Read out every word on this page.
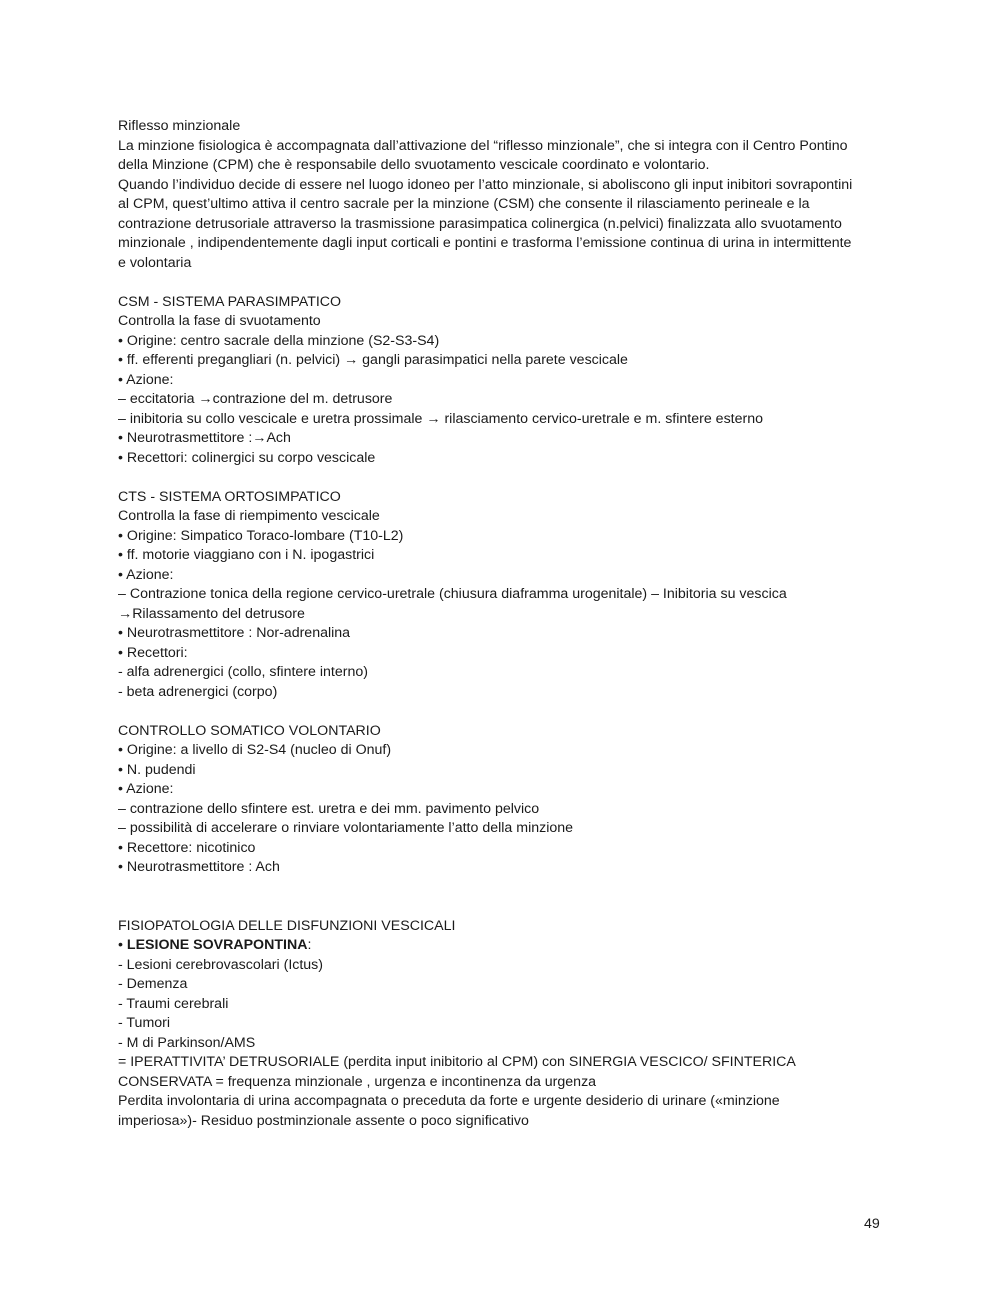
Riflesso minzionale
La minzione fisiologica è accompagnata dall’attivazione del “riflesso minzionale”, che si integra con il Centro Pontino
della Minzione (CPM) che è responsabile dello svuotamento vescicale coordinato e volontario.
Quando l’individuo decide di essere nel luogo idoneo per l’atto minzionale, si aboliscono gli input inibitori sovrapontini
al CPM, quest’ultimo attiva il centro sacrale per la minzione (CSM) che consente il rilasciamento perineale e la
contrazione detrusoriale attraverso la trasmissione parasimpatica colinergica (n.pelvici) finalizzata allo svuotamento
minzionale , indipendentemente dagli input corticali e pontini e trasforma l’emissione continua di urina in intermittente
e volontaria
CSM - SISTEMA PARASIMPATICO
Controlla la fase di svuotamento
• Origine: centro sacrale della minzione (S2-S3-S4)
• ff. efferenti pregangliari (n. pelvici) → gangli parasimpatici nella parete vescicale
• Azione:
– eccitatoria →contrazione del m. detrusore
– inibitoria su collo vescicale e uretra prossimale → rilasciamento cervico-uretrale e m. sfintere esterno
• Neurotrasmettitore :→Ach
• Recettori: colinergici su corpo vescicale
CTS - SISTEMA ORTOSIMPATICO
Controlla la fase di riempimento vescicale
• Origine: Simpatico Toraco-lombare (T10-L2)
• ff. motorie viaggiano con i N. ipogastrici
• Azione:
– Contrazione tonica della regione cervico-uretrale (chiusura diaframma urogenitale) – Inibitoria su vescica
→Rilassamento del detrusore
• Neurotrasmettitore : Nor-adrenalina
• Recettori:
- alfa adrenergici (collo, sfintere interno)
- beta adrenergici (corpo)
CONTROLLO SOMATICO VOLONTARIO
• Origine: a livello di S2-S4 (nucleo di Onuf)
• N. pudendi
• Azione:
– contrazione dello sfintere est. uretra e dei mm. pavimento pelvico
– possibilità di accelerare o rinviare volontariamente l’atto della minzione
• Recettore: nicotinico
• Neurotrasmettitore : Ach
FISIOPATOLOGIA DELLE DISFUNZIONI VESCICALI
• LESIONE SOVRAPONTINA:
- Lesioni cerebrovascolari (Ictus)
- Demenza
- Traumi cerebrali
- Tumori
- M di Parkinson/AMS
= IPERATTIVITA’ DETRUSORIALE (perdita input inibitorio al CPM) con SINERGIA VESCICO/ SFINTERICA
CONSERVATA = frequenza minzionale , urgenza e incontinenza da urgenza
Perdita involontaria di urina accompagnata o preceduta da forte e urgente desiderio di urinare («minzione
imperiosa»)- Residuo postminzionale assente o poco significativo
49
